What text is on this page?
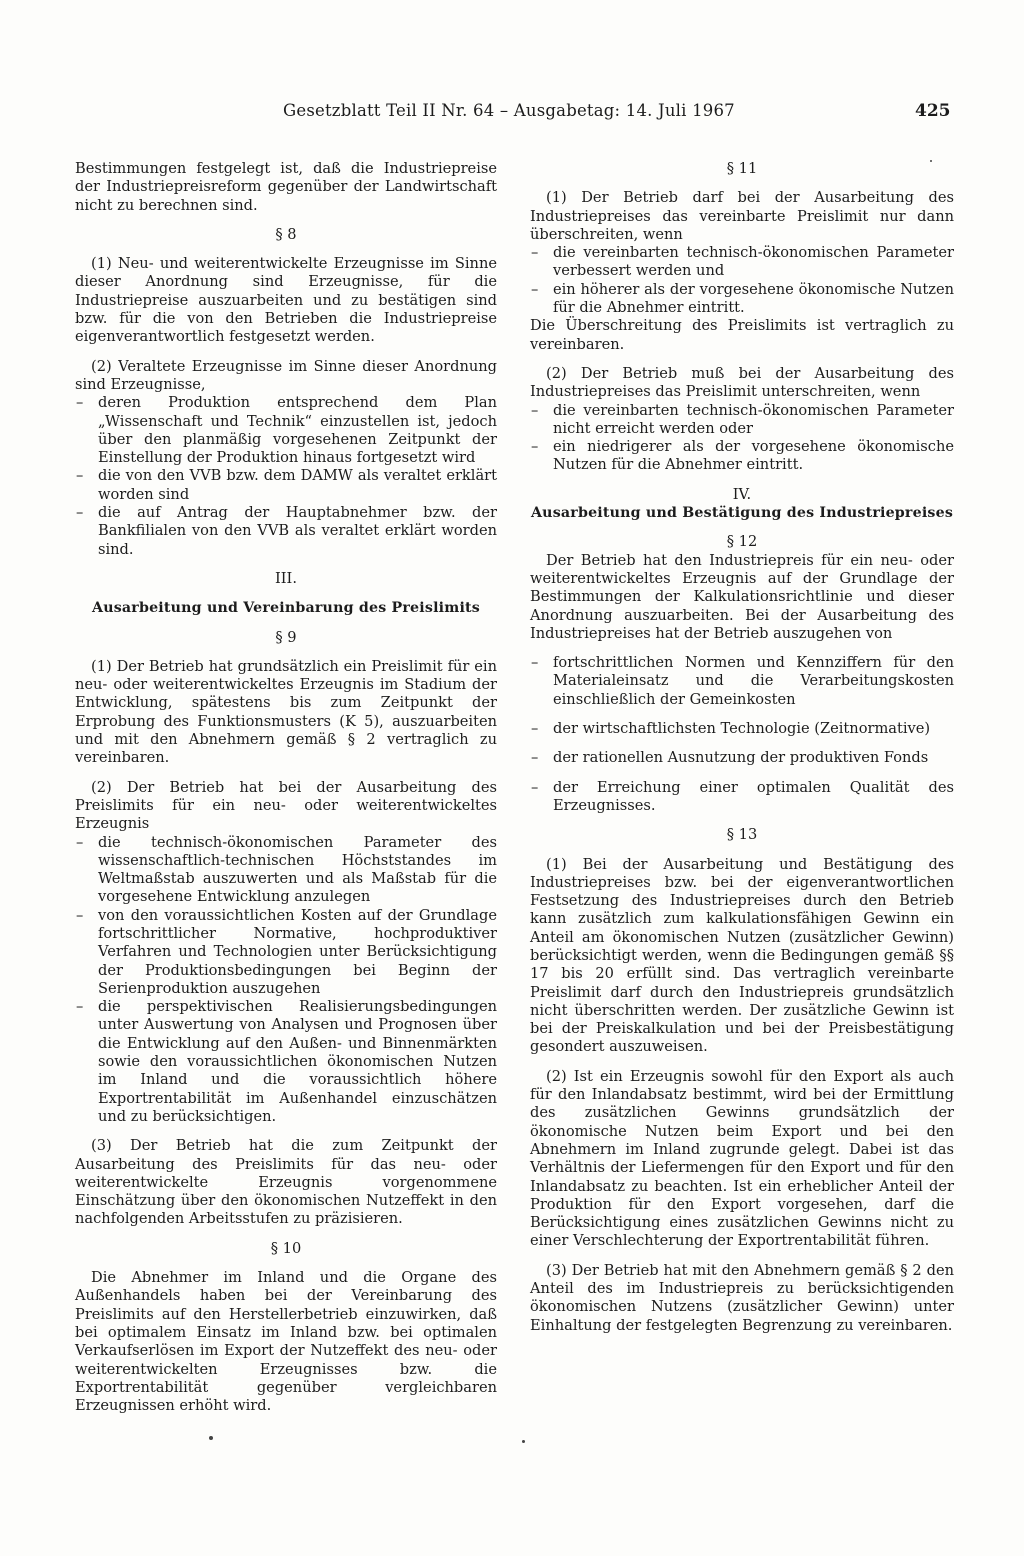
Gesetzblatt Teil II Nr. 64 – Ausgabetag: 14. Juli 1967	425

Bestimmungen festgelegt ist, daß die Industriepreise der Industriepreisreform gegenüber der Landwirtschaft nicht zu berechnen sind.

§ 8

(1) Neu- und weiterentwickelte Erzeugnisse im Sinne dieser Anordnung sind Erzeugnisse, für die Industriepreise auszuarbeiten und zu bestätigen sind bzw. für die von den Betrieben die Industriepreise eigenverantwortlich festgesetzt werden.

(2) Veraltete Erzeugnisse im Sinne dieser Anordnung sind Erzeugnisse,

– deren Produktion entsprechend dem Plan „Wissenschaft und Technik“ einzustellen ist, jedoch über den planmäßig vorgesehenen Zeitpunkt der Einstellung der Produktion hinaus fortgesetzt wird
– die von den VVB bzw. dem DAMW als veraltet erklärt worden sind
– die auf Antrag der Hauptabnehmer bzw. der Bankfilialen von den VVB als veraltet erklärt worden sind.

III.

Ausarbeitung und Vereinbarung des Preislimits

§ 9

(1) Der Betrieb hat grundsätzlich ein Preislimit für ein neu- oder weiterentwickeltes Erzeugnis im Stadium der Entwicklung, spätestens bis zum Zeitpunkt der Erprobung des Funktionsmusters (K 5), auszuarbeiten und mit den Abnehmern gemäß § 2 vertraglich zu vereinbaren.

(2) Der Betrieb hat bei der Ausarbeitung des Preislimits für ein neu- oder weiterentwickeltes Erzeugnis

– die technisch-ökonomischen Parameter des wissenschaftlich-technischen Höchststandes im Weltmaßstab auszuwerten und als Maßstab für die vorgesehene Entwicklung anzulegen
– von den voraussichtlichen Kosten auf der Grundlage fortschrittlicher Normative, hochproduktiver Verfahren und Technologien unter Berücksichtigung der Produktionsbedingungen bei Beginn der Serienproduktion auszugehen
– die perspektivischen Realisierungsbedingungen unter Auswertung von Analysen und Prognosen über die Entwicklung auf den Außen- und Binnenmärkten sowie den voraussichtlichen ökonomischen Nutzen im Inland und die voraussichtlich höhere Exportrentabilität im Außenhandel einzuschätzen und zu berücksichtigen.

(3) Der Betrieb hat die zum Zeitpunkt der Ausarbeitung des Preislimits für das neu- oder weiterentwickelte Erzeugnis vorgenommene Einschätzung über den ökonomischen Nutzeffekt in den nachfolgenden Arbeitsstufen zu präzisieren.

§ 10

Die Abnehmer im Inland und die Organe des Außenhandels haben bei der Vereinbarung des Preislimits auf den Herstellerbetrieb einzuwirken, daß bei optimalem Einsatz im Inland bzw. bei optimalen Verkaufserlösen im Export der Nutzeffekt des neu- oder weiterentwickelten Erzeugnisses bzw. die Exportrentabilität gegenüber vergleichbaren Erzeugnissen erhöht wird.

§ 11

(1) Der Betrieb darf bei der Ausarbeitung des Industriepreises das vereinbarte Preislimit nur dann überschreiten, wenn

– die vereinbarten technisch-ökonomischen Parameter verbessert werden und
– ein höherer als der vorgesehene ökonomische Nutzen für die Abnehmer eintritt.

Die Überschreitung des Preislimits ist vertraglich zu vereinbaren.

(2) Der Betrieb muß bei der Ausarbeitung des Industriepreises das Preislimit unterschreiten, wenn

– die vereinbarten technisch-ökonomischen Parameter nicht erreicht werden oder
– ein niedrigerer als der vorgesehene ökonomische Nutzen für die Abnehmer eintritt.

IV.

Ausarbeitung und Bestätigung des Industriepreises

§ 12

Der Betrieb hat den Industriepreis für ein neu- oder weiterentwickeltes Erzeugnis auf der Grundlage der Bestimmungen der Kalkulationsrichtlinie und dieser Anordnung auszuarbeiten. Bei der Ausarbeitung des Industriepreises hat der Betrieb auszugehen von

– fortschrittlichen Normen und Kennziffern für den Materialeinsatz und die Verarbeitungskosten einschließlich der Gemeinkosten
– der wirtschaftlichsten Technologie (Zeitnormative)
– der rationellen Ausnutzung der produktiven Fonds
– der Erreichung einer optimalen Qualität des Erzeugnisses.

§ 13

(1) Bei der Ausarbeitung und Bestätigung des Industriepreises bzw. bei der eigenverantwortlichen Festsetzung des Industriepreises durch den Betrieb kann zusätzlich zum kalkulationsfähigen Gewinn ein Anteil am ökonomischen Nutzen (zusätzlicher Gewinn) berücksichtigt werden, wenn die Bedingungen gemäß §§ 17 bis 20 erfüllt sind. Das vertraglich vereinbarte Preislimit darf durch den Industriepreis grundsätzlich nicht überschritten werden. Der zusätzliche Gewinn ist bei der Preiskalkulation und bei der Preisbestätigung gesondert auszuweisen.

(2) Ist ein Erzeugnis sowohl für den Export als auch für den Inlandabsatz bestimmt, wird bei der Ermittlung des zusätzlichen Gewinns grundsätzlich der ökonomische Nutzen beim Export und bei den Abnehmern im Inland zugrunde gelegt. Dabei ist das Verhältnis der Liefermengen für den Export und für den Inlandabsatz zu beachten. Ist ein erheblicher Anteil der Produktion für den Export vorgesehen, darf die Berücksichtigung eines zusätzlichen Gewinns nicht zu einer Verschlechterung der Exportrentabilität führen.

(3) Der Betrieb hat mit den Abnehmern gemäß § 2 den Anteil des im Industriepreis zu berücksichtigenden ökonomischen Nutzens (zusätzlicher Gewinn) unter Einhaltung der festgelegten Begrenzung zu vereinbaren.
